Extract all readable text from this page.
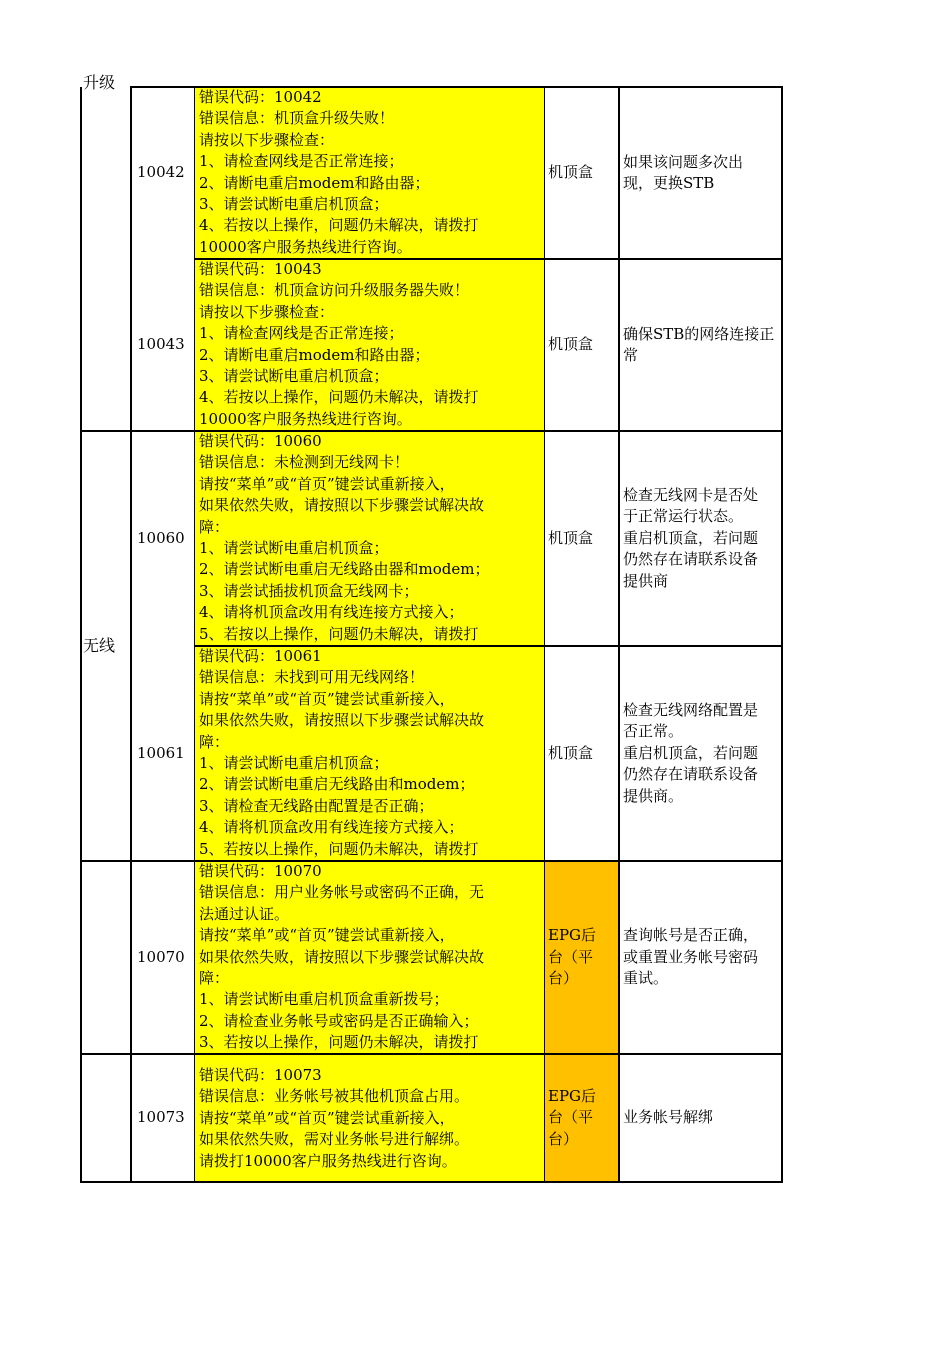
升级
无线
10042
错误代码：10042
错误信息：机顶盒升级失败！
请按以下步骤检查：
1、请检查网线是否正常连接；
2、请断电重启modem和路由器；
3、请尝试断电重启机顶盒；
4、若按以上操作，问题仍未解决，请拨打
10000客户服务热线进行咨询。
机顶盒
如果该问题多次出现，更换STB
10043
错误代码：10043
错误信息：机顶盒访问升级服务器失败！
请按以下步骤检查：
1、请检查网线是否正常连接；
2、请断电重启modem和路由器；
3、请尝试断电重启机顶盒；
4、若按以上操作，问题仍未解决，请拨打
10000客户服务热线进行咨询。
机顶盒
确保STB的网络连接正常
10060
错误代码：10060
错误信息：未检测到无线网卡！
请按“菜单”或“首页”键尝试重新接入，
如果依然失败，请按照以下步骤尝试解决故
障：
1、请尝试断电重启机顶盒；
2、请尝试断电重启无线路由器和modem；
3、请尝试插拔机顶盒无线网卡；
4、请将机顶盒改用有线连接方式接入；
5、若按以上操作，问题仍未解决，请拨打
机顶盒
检查无线网卡是否处于正常运行状态。
重启机顶盒，若问题仍然存在请联系设备提供商
10061
错误代码：10061
错误信息：未找到可用无线网络！
请按“菜单”或“首页”键尝试重新接入，
如果依然失败，请按照以下步骤尝试解决故
障：
1、请尝试断电重启机顶盒；
2、请尝试断电重启无线路由和modem；
3、请检查无线路由配置是否正确；
4、请将机顶盒改用有线连接方式接入；
5、若按以上操作，问题仍未解决，请拨打
机顶盒
检查无线网络配置是否正常。
重启机顶盒，若问题仍然存在请联系设备提供商。
10070
错误代码：10070
错误信息：用户业务帐号或密码不正确，无
法通过认证。
请按“菜单”或“首页”键尝试重新接入，
如果依然失败，请按照以下步骤尝试解决故
障：
1、请尝试断电重启机顶盒重新拨号；
2、请检查业务帐号或密码是否正确输入；
3、若按以上操作，问题仍未解决，请拨打
EPG后台（平台）
查询帐号是否正确，或重置业务帐号密码重试。
10073
错误代码：10073
错误信息：业务帐号被其他机顶盒占用。
请按“菜单”或“首页”键尝试重新接入，
如果依然失败，需对业务帐号进行解绑。
请拨打10000客户服务热线进行咨询。
EPG后台（平台）
业务帐号解绑
